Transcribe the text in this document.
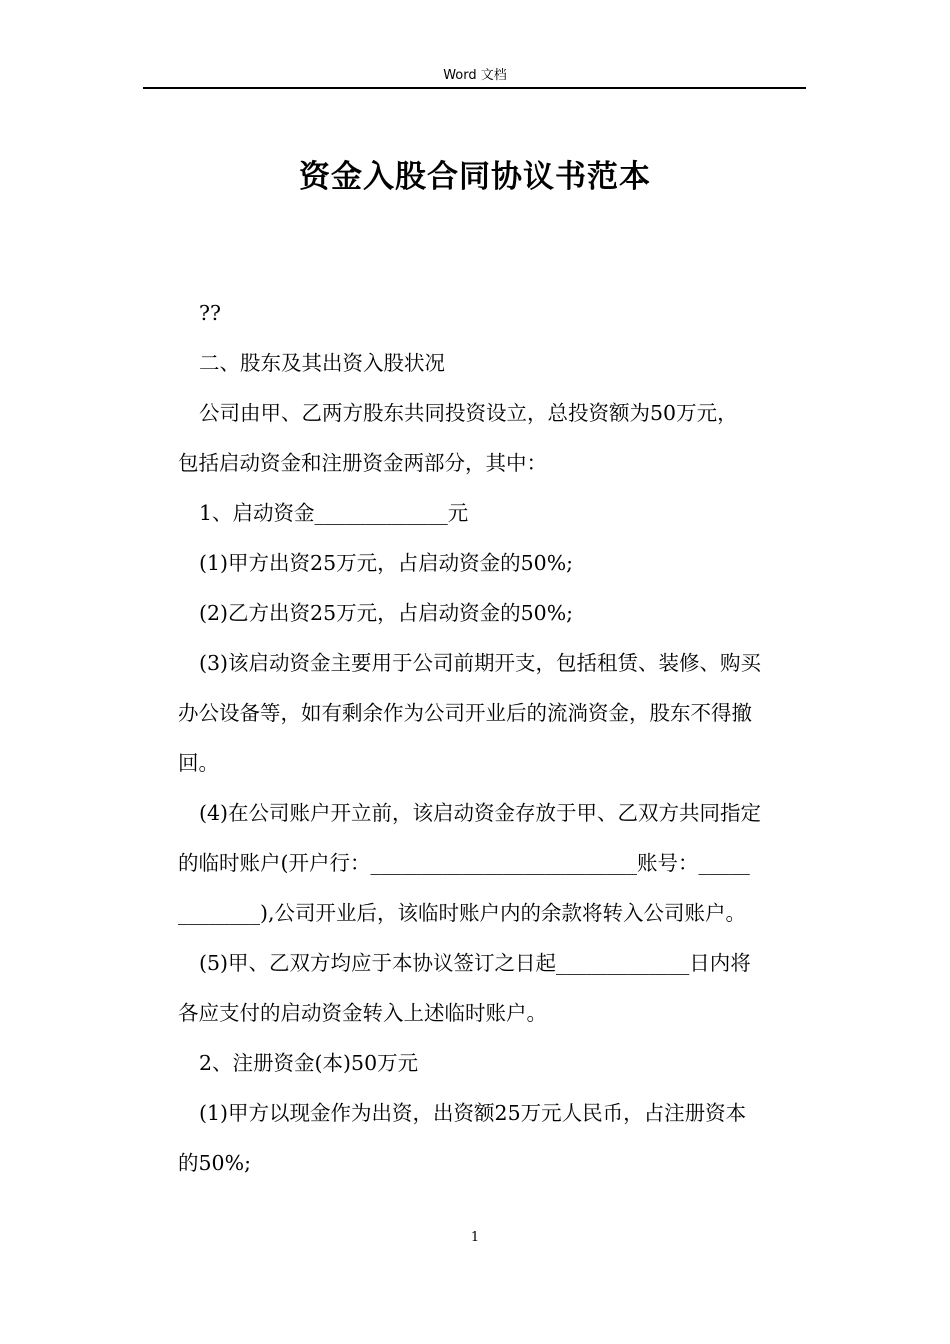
Word 文档
资金入股合同协议书范本

??

二、股东及其出资入股状况

公司由甲、乙两方股东共同投资设立，总投资额为50万元，

包括启动资金和注册资金两部分，其中：

1、启动资金_____________元

(1)甲方出资25万元，占启动资金的50%;

(2)乙方出资25万元，占启动资金的50%;

(3)该启动资金主要用于公司前期开支，包括租赁、装修、购买

办公设备等，如有剩余作为公司开业后的流淌资金，股东不得撤

回。

(4)在公司账户开立前，该启动资金存放于甲、乙双方共同指定

的临时账户(开户行：__________________________账号：_____

________),公司开业后，该临时账户内的余款将转入公司账户。

(5)甲、乙双方均应于本协议签订之日起_____________日内将

各应支付的启动资金转入上述临时账户。

2、注册资金(本)50万元

(1)甲方以现金作为出资，出资额25万元人民币，占注册资本

的50%;

1
